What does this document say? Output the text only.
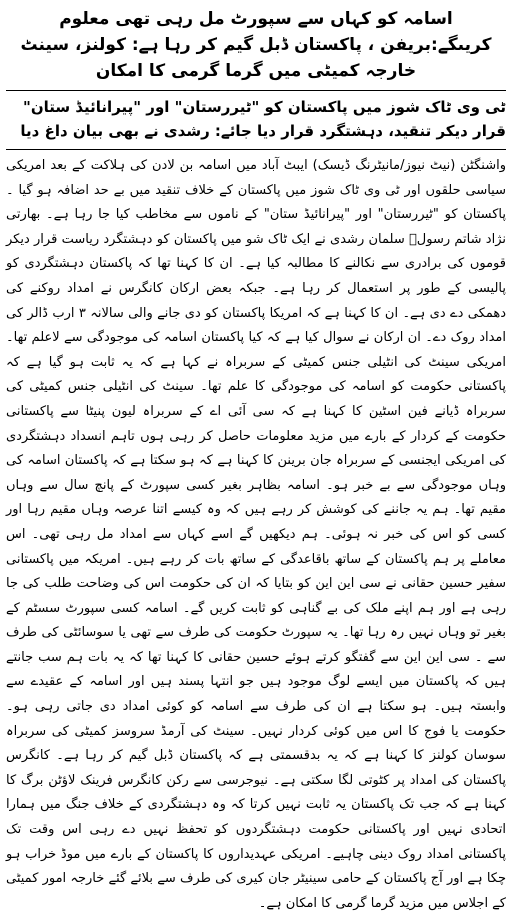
اسامہ کو کہاں سے سپورٹ مل رہی تھی معلوم کریںگے:بریفن ، پاکستان ڈبل گیم کر رہا ہے: کولنز، سینٹ خارجہ کمیٹی میں گرما گرمی کا امکان
ٹی وی ٹاک شوز میں پاکستان کو "ٹیررستان" اور "پیرانائیڈ ستان" قرار دیکر تنقید، دہشتگرد قرار دیا جائے: رشدی نے بھی بیان داغ دیا
واشنگٹن (نیٹ نیوز/مانیٹرنگ ڈیسک) ایبٹ آباد میں اسامہ بن لادن کی ہلاکت کے بعد امریکی سیاسی حلقوں اور ٹی وی ٹاک شوز میں پاکستان کے خلاف تنقید میں بے حد اضافہ ہو گیا ۔ پاکستان کو "ٹیررستان" اور "پیرانائیڈ ستان" کے ناموں سے مخاطب کیا جا رہا ہے۔ بھارتی نژاد شاتم رسولؐ سلمان رشدی نے ایک ٹاک شو میں پاکستان کو دہشتگرد ریاست قرار دیکر قوموں کی برادری سے نکالنے کا مطالبہ کیا ہے۔ ان کا کہنا تھا کہ پاکستان دہشتگردی کو پالیسی کے طور پر استعمال کر رہا ہے۔ جبکہ بعض ارکان کانگرس نے امداد روکنے کی دھمکی دے دی ہے۔ ان کا کہنا ہے کہ امریکا پاکستان کو دی جانے والی سالانہ ۳ ارب ڈالر کی امداد روک دے۔ ان ارکان نے سوال کیا ہے کہ کیا پاکستان اسامہ کی موجودگی سے لاعلم تھا۔ امریکی سینٹ کی انٹیلی جنس کمیٹی کے سربراہ نے کہا ہے کہ یہ ثابت ہو گیا ہے کہ پاکستانی حکومت کو اسامہ کی موجودگی کا علم تھا۔ سینٹ کی انٹیلی جنس کمیٹی کی سربراہ ڈیانے فین اسٹین کا کہنا ہے کہ سی آئی اے کے سربراہ لیون پنیٹا سے پاکستانی حکومت کے کردار کے بارے میں مزید معلومات حاصل کر رہی ہوں تاہم انسداد دہشتگردی کی امریکی ایجنسی کے سربراہ جان برینن کا کہنا ہے کہ ہو سکتا ہے کہ پاکستان اسامہ کی وہاں موجودگی سے بے خبر ہو۔ اسامہ بظاہر بغیر کسی سپورٹ کے پانچ سال سے وہاں مقیم تھا۔ ہم یہ جاننے کی کوشش کر رہے ہیں کہ وہ کیسے اتنا عرصہ وہاں مقیم رہا اور کسی کو اس کی خبر نہ ہوئی۔ ہم دیکھیں گے اسے کہاں سے امداد مل رہی تھی۔ اس معاملے پر ہم پاکستان کے ساتھ باقاعدگی کے ساتھ بات کر رہے ہیں۔ امریکہ میں پاکستانی سفیر حسین حقانی نے سی این این کو بتایا کہ ان کی حکومت اس کی وضاحت طلب کی جا رہی ہے اور ہم اپنے ملک کی بے گناہی کو ثابت کریں گے۔ اسامہ کسی سپورٹ سسٹم کے بغیر تو وہاں نہیں رہ رہا تھا۔ یہ سپورٹ حکومت کی طرف سے تھی یا سوسائٹی کی طرف سے ۔ سی این این سے گفتگو کرتے ہوئے حسین حقانی کا کہنا تھا کہ یہ بات ہم سب جانتے ہیں کہ پاکستان میں ایسے لوگ موجود ہیں جو انتہا پسند ہیں اور اسامہ کے عقیدے سے وابستہ ہیں۔ ہو سکتا ہے ان کی طرف سے اسامہ کو کوئی امداد دی جاتی رہی ہو۔ حکومت یا فوج کا اس میں کوئی کردار نہیں۔ سینٹ کی آرمڈ سروسز کمیٹی کی سربراہ سوسان کولنز کا کہنا ہے کہ یہ بدقسمتی ہے کہ پاکستان ڈبل گیم کر رہا ہے۔ کانگرس پاکستان کی امداد پر کٹوتی لگا سکتی ہے۔ نیوجرسی سے رکن کانگرس فرینک لاؤٹن برگ کا کہنا ہے کہ جب تک پاکستان یہ ثابت نہیں کرتا کہ وہ دہشتگردی کے خلاف جنگ میں ہمارا اتحادی نہیں اور پاکستانی حکومت دہشتگردوں کو تحفظ نہیں دے رہی اس وقت تک پاکستانی امداد روک دینی چاہیے۔ امریکی عہدیداروں کا پاکستان کے بارے میں موڈ خراب ہو چکا ہے اور آج پاکستان کے حامی سینیٹر جان کیری کی طرف سے بلائے گئے خارجہ امور کمیٹی کے اجلاس میں مزید گرما گرمی کا امکان ہے۔
